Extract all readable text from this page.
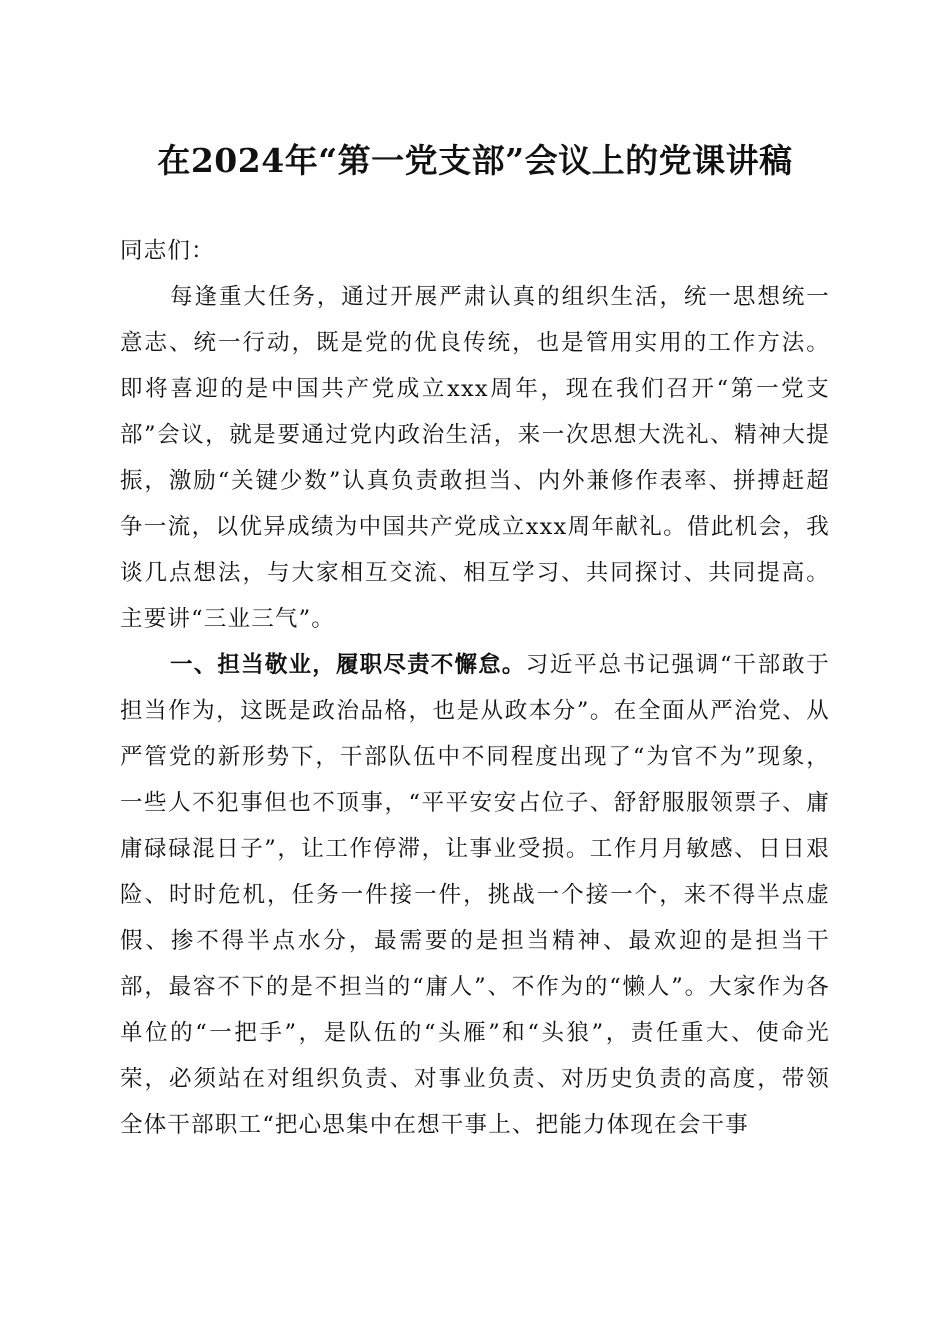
在2024年“第一党支部”会议上的党课讲稿

同志们：

每逢重大任务，通过开展严肃认真的组织生活，统一思想统一意志、统一行动，既是党的优良传统，也是管用实用的工作方法。即将喜迎的是中国共产党成立xxx周年，现在我们召开“第一党支部”会议，就是要通过党内政治生活，来一次思想大洗礼、精神大提振，激励“关键少数”认真负责敢担当、内外兼修作表率、拼搏赶超争一流，以优异成绩为中国共产党成立xxx周年献礼。借此机会，我谈几点想法，与大家相互交流、相互学习、共同探讨、共同提高。主要讲“三业三气”。

一、担当敬业，履职尽责不懈怠。习近平总书记强调“干部敢于担当作为，这既是政治品格，也是从政本分”。在全面从严治党、从严管党的新形势下，干部队伍中不同程度出现了“为官不为”现象，一些人不犯事但也不顶事，“平平安安占位子、舒舒服服领票子、庸庸碌碌混日子”，让工作停滞，让事业受损。工作月月敏感、日日艰险、时时危机，任务一件接一件，挑战一个接一个，来不得半点虚假、掺不得半点水分，最需要的是担当精神、最欢迎的是担当干部，最容不下的是不担当的“庸人”、不作为的“懒人”。大家作为各单位的“一把手”，是队伍的“头雁”和“头狼”，责任重大、使命光荣，必须站在对组织负责、对事业负责、对历史负责的高度，带领全体干部职工“把心思集中在想干事上、把能力体现在会干事
